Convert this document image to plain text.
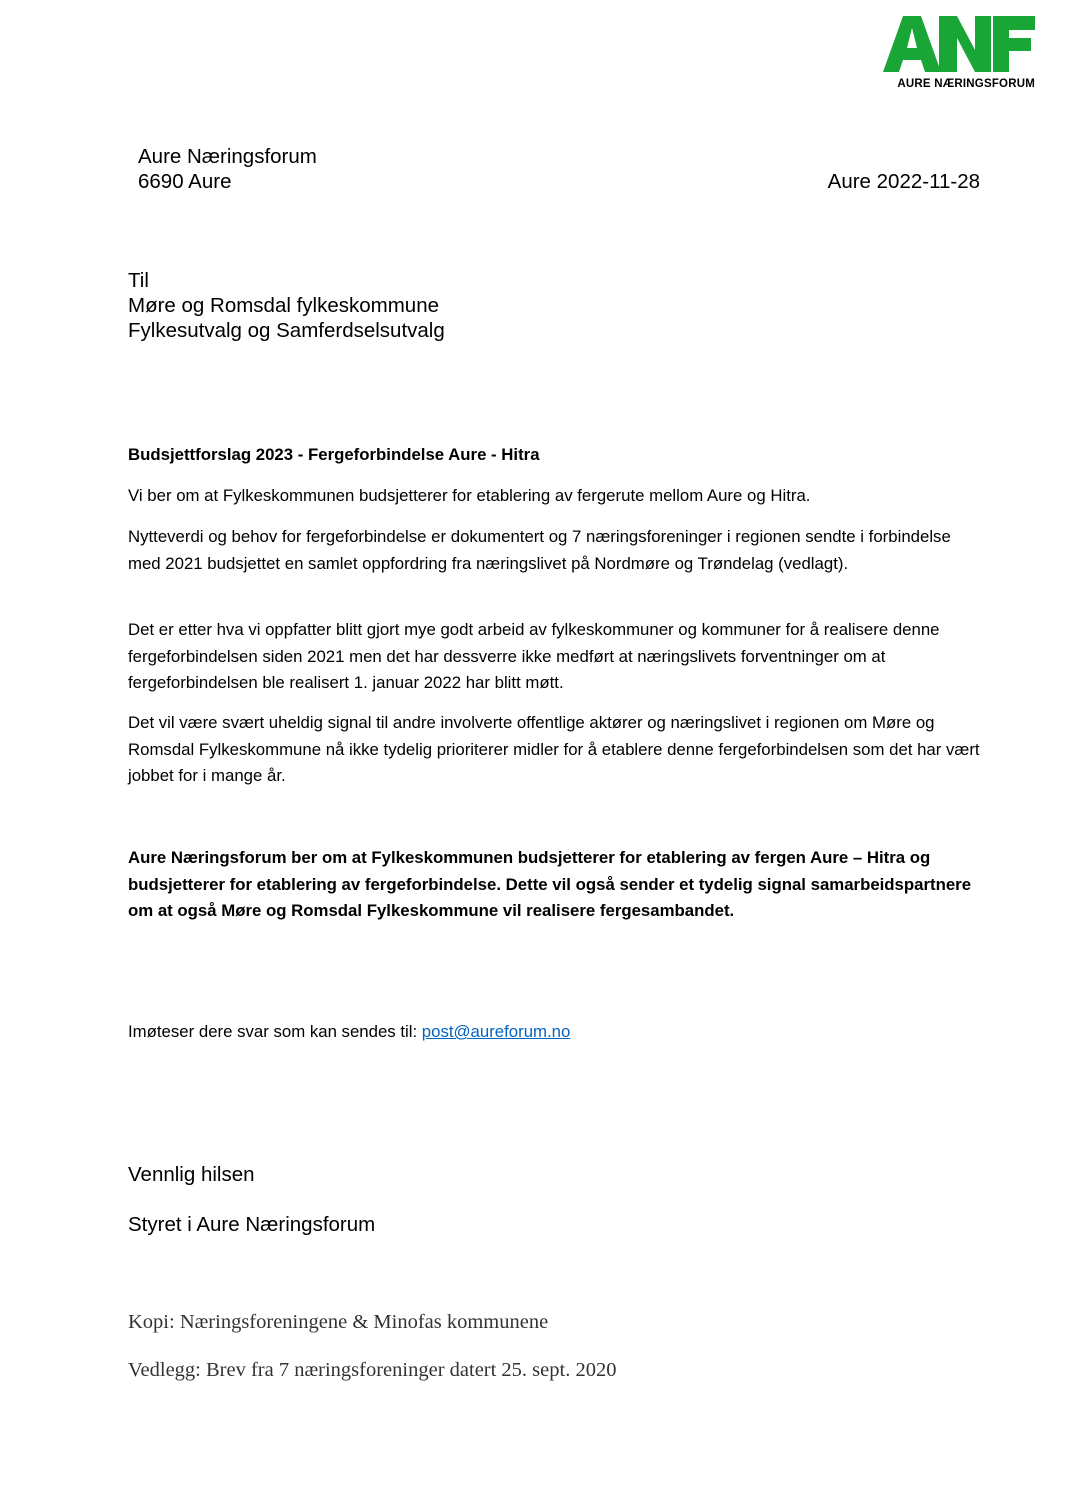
AURE NÆRINGSFORUM
Aure Næringsforum
6690 Aure	Aure 2022-11-28
Til
Møre og Romsdal fylkeskommune
Fylkesutvalg og Samferdselsutvalg
Budsjettforslag 2023 - Fergeforbindelse Aure - Hitra

Vi ber om at Fylkeskommunen budsjetterer for etablering av fergerute mellom Aure og Hitra.

Nytteverdi og behov for fergeforbindelse er dokumentert og 7 næringsforeninger i regionen sendte i forbindelse med 2021 budsjettet en samlet oppfordring fra næringslivet på Nordmøre og Trøndelag (vedlagt).

Det er etter hva vi oppfatter blitt gjort mye godt arbeid av fylkeskommuner og kommuner for å realisere denne fergeforbindelsen siden 2021 men det har dessverre ikke medført at næringslivets forventninger om at fergeforbindelsen ble realisert 1. januar 2022 har blitt møtt.

Det vil være svært uheldig signal til andre involverte offentlige aktører og næringslivet i regionen om Møre og Romsdal Fylkeskommune nå ikke tydelig prioriterer midler for å etablere denne fergeforbindelsen som det har vært jobbet for i mange år.

Aure Næringsforum ber om at Fylkeskommunen budsjetterer for etablering av fergen Aure – Hitra og budsjetterer for etablering av fergeforbindelse. Dette vil også sender et tydelig signal samarbeidspartnere om at også Møre og Romsdal Fylkeskommune vil realisere fergesambandet.

Imøteser dere svar som kan sendes til: post@aureforum.no
Vennlig hilsen
Styret i Aure Næringsforum
Kopi: Næringsforeningene & Minofas kommunene
Vedlegg: Brev fra 7 næringsforeninger datert 25. sept. 2020
